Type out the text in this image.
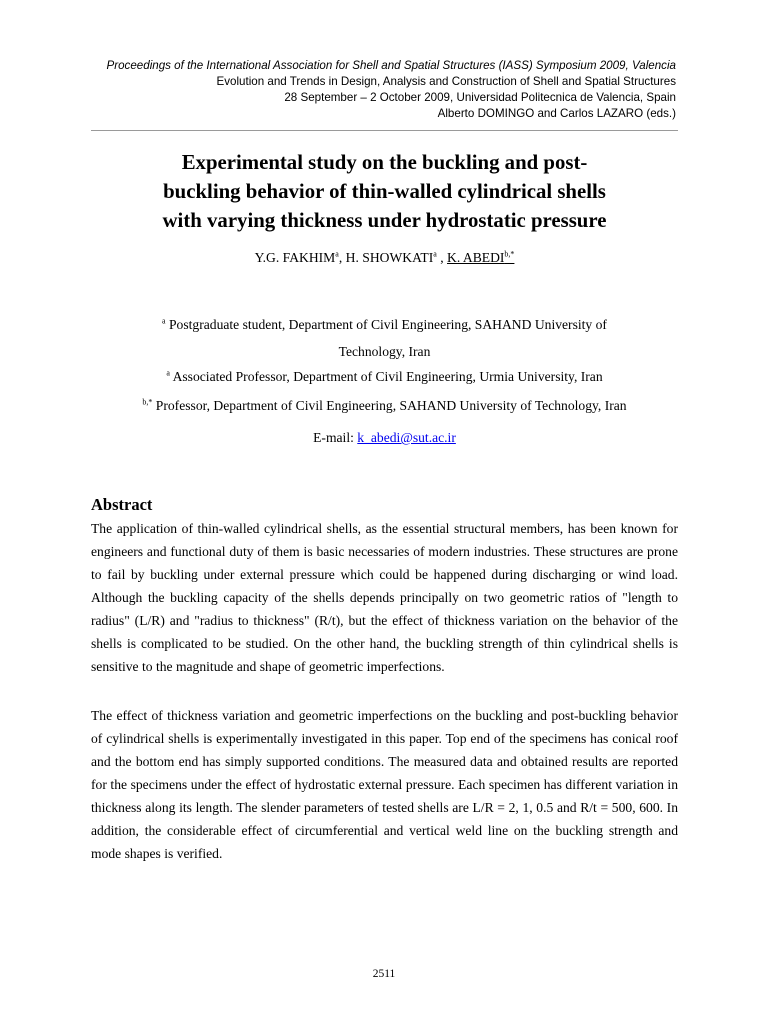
Proceedings of the International Association for Shell and Spatial Structures (IASS) Symposium 2009, Valencia
Evolution and Trends in Design, Analysis and Construction of Shell and Spatial Structures
28 September – 2 October 2009, Universidad Politecnica de Valencia, Spain
Alberto DOMINGO and Carlos LAZARO (eds.)
Experimental study on the buckling and post-
buckling behavior of thin-walled cylindrical shells
with varying thickness under hydrostatic pressure
Y.G. FAKHIM$^a$, H. SHOWKATI$^a$ , K. $ABEDI^{b,*}$
$^a$ Postgraduate student, Department of Civil Engineering, SAHAND University of
Technology, Iran
$^a$ Associated Professor, Department of Civil Engineering, Urmia University, Iran
$^{b,*}$ Professor, Department of Civil Engineering, SAHAND University of Technology, Iran
E-mail: k_abedi@sut.ac.ir
Abstract
The application of thin-walled cylindrical shells, as the essential structural members, has been known for engineers and functional duty of them is basic necessaries of modern industries. These structures are prone to fail by buckling under external pressure which could be happened during discharging or wind load. Although the buckling capacity of the shells depends principally on two geometric ratios of "length to radius" (L/R) and "radius to thickness" (R/t), but the effect of thickness variation on the behavior of the shells is complicated to be studied. On the other hand, the buckling strength of thin cylindrical shells is sensitive to the magnitude and shape of geometric imperfections.
The effect of thickness variation and geometric imperfections on the buckling and post-buckling behavior of cylindrical shells is experimentally investigated in this paper. Top end of the specimens has conical roof and the bottom end has simply supported conditions. The measured data and obtained results are reported for the specimens under the effect of hydrostatic external pressure. Each specimen has different variation in thickness along its length. The slender parameters of tested shells are L/R = 2, 1, 0.5 and R/t = 500, 600. In addition, the considerable effect of circumferential and vertical weld line on the buckling strength and mode shapes is verified.
2511
